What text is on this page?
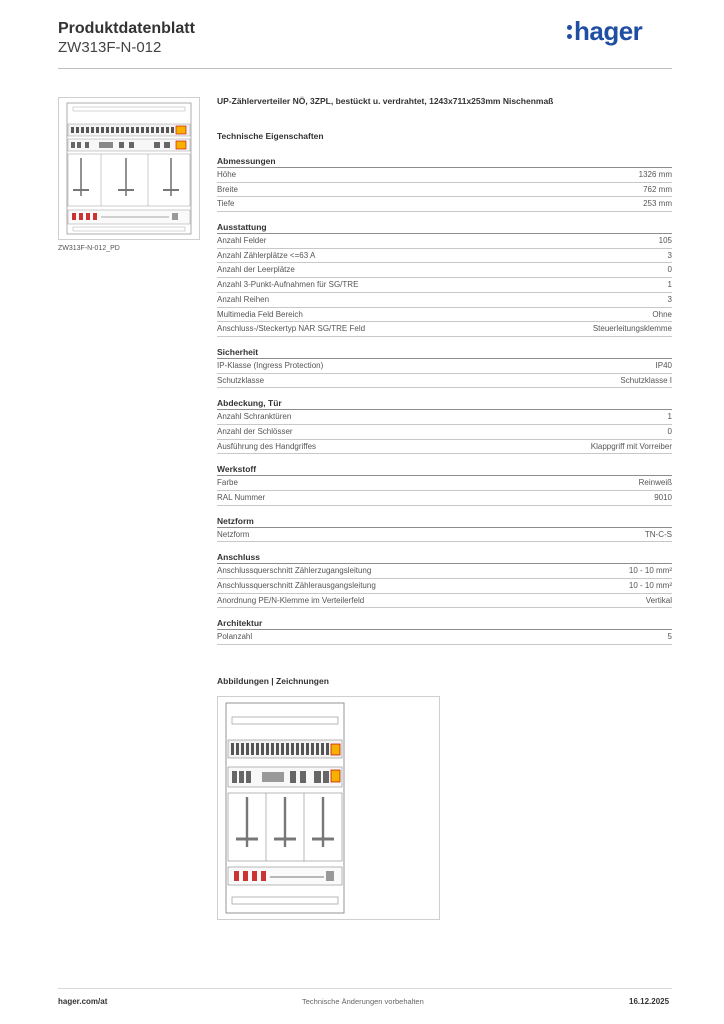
Produktdatenblatt
ZW313F-N-012
hager
ZW313F-N-012_PD
UP-Zählerverteiler NÖ, 3ZPL, bestückt u. verdrahtet, 1243x711x253mm Nischenmaß
Technische Eigenschaften
Abmessungen
Höhe	1326 mm
Breite	762 mm
Tiefe	253 mm
Ausstattung
Anzahl Felder	105
Anzahl Zählerplätze <=63 A	3
Anzahl der Leerplätze	0
Anzahl 3-Punkt-Aufnahmen für SG/TRE	1
Anzahl Reihen	3
Multimedia Feld Bereich	Ohne
Anschluss-/Steckertyp NAR SG/TRE Feld	Steuerleitungsklemme
Sicherheit
IP-Klasse (Ingress Protection)	IP40
Schutzklasse	Schutzklasse I
Abdeckung, Tür
Anzahl Schranktüren	1
Anzahl der Schlösser	0
Ausführung des Handgriffes	Klappgriff mit Vorreiber
Werkstoff
Farbe	Reinweiß
RAL Nummer	9010
Netzform
Netzform	TN-C-S
Anschluss
Anschlussquerschnitt Zählerzugangsleitung	10 - 10 mm²
Anschlussquerschnitt Zählerausgangsleitung	10 - 10 mm²
Anordnung PE/N-Klemme im Verteilerfeld	Vertikal
Architektur
Polanzahl	5
Abbildungen | Zeichnungen
hager.com/at	Technische Änderungen vorbehalten	16.12.2025
